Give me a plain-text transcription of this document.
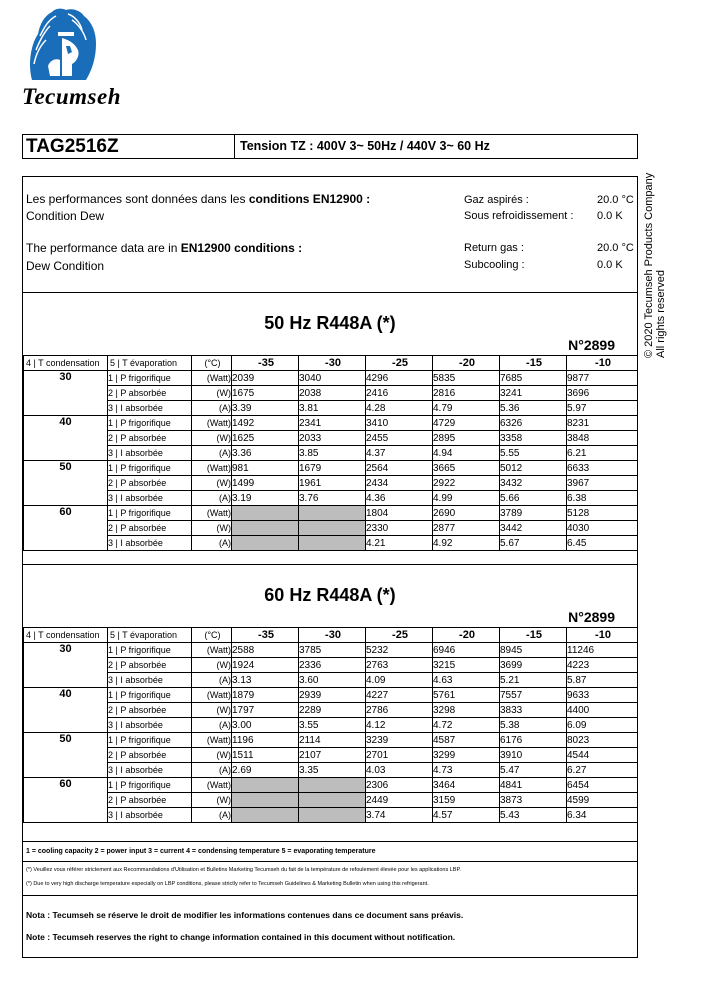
Tecumseh
TAG2516Z	Tension TZ : 400V 3~ 50Hz / 440V 3~ 60 Hz
© 2020 Tecumseh Products Company All rights reserved
Les performances sont données dans les conditions EN12900 :
Condition Dew
The performance data are in EN12900 conditions :
Dew Condition
Gaz aspirés :	20.0 °C
Sous refroidissement : 0.0 K
Return gas :	20.0 °C
Subcooling :	0.0 K
50 Hz R448A (*)
N°2899
4 | T condensation	5 | T évaporation	(°C)	-35	-30	-25	-20	-15	-10
30	1 | P frigorifique	(Watt)	2039	3040	4296	5835	7685	9877
	2 | P absorbée	(W)	1675	2038	2416	2816	3241	3696
	3 | I absorbée	(A)	3.39	3.81	4.28	4.79	5.36	5.97
40	1 | P frigorifique	(Watt)	1492	2341	3410	4729	6326	8231
	2 | P absorbée	(W)	1625	2033	2455	2895	3358	3848
	3 | I absorbée	(A)	3.36	3.85	4.37	4.94	5.55	6.21
50	1 | P frigorifique	(Watt)	981	1679	2564	3665	5012	6633
	2 | P absorbée	(W)	1499	1961	2434	2922	3432	3967
	3 | I absorbée	(A)	3.19	3.76	4.36	4.99	5.66	6.38
60	1 | P frigorifique	(Watt)			1804	2690	3789	5128
	2 | P absorbée	(W)			2330	2877	3442	4030
	3 | I absorbée	(A)			4.21	4.92	5.67	6.45
60 Hz R448A (*)
N°2899
4 | T condensation	5 | T évaporation	(°C)	-35	-30	-25	-20	-15	-10
30	1 | P frigorifique	(Watt)	2588	3785	5232	6946	8945	11246
	2 | P absorbée	(W)	1924	2336	2763	3215	3699	4223
	3 | I absorbée	(A)	3.13	3.60	4.09	4.63	5.21	5.87
40	1 | P frigorifique	(Watt)	1879	2939	4227	5761	7557	9633
	2 | P absorbée	(W)	1797	2289	2786	3298	3833	4400
	3 | I absorbée	(A)	3.00	3.55	4.12	4.72	5.38	6.09
50	1 | P frigorifique	(Watt)	1196	2114	3239	4587	6176	8023
	2 | P absorbée	(W)	1511	2107	2701	3299	3910	4544
	3 | I absorbée	(A)	2.69	3.35	4.03	4.73	5.47	6.27
60	1 | P frigorifique	(Watt)			2306	3464	4841	6454
	2 | P absorbée	(W)			2449	3159	3873	4599
	3 | I absorbée	(A)			3.74	4.57	5.43	6.34
1 = cooling capacity 2 = power input 3 = current 4 = condensing temperature 5 = evaporating temperature
(*) Veuillez vous référer strictement aux Recommandations d'Utilisation et Bulletins Marketing Tecumseh du fait de la température de refoulement élevée pour les applications LBP.
(*) Due to very high discharge temperature especially on LBP conditions, please strictly refer to Tecumseh Guidelines & Marketing Bulletin when using this refrigerant.
Nota : Tecumseh se réserve le droit de modifier les informations contenues dans ce document sans préavis.
Note : Tecumseh reserves the right to change information contained in this document without notification.
